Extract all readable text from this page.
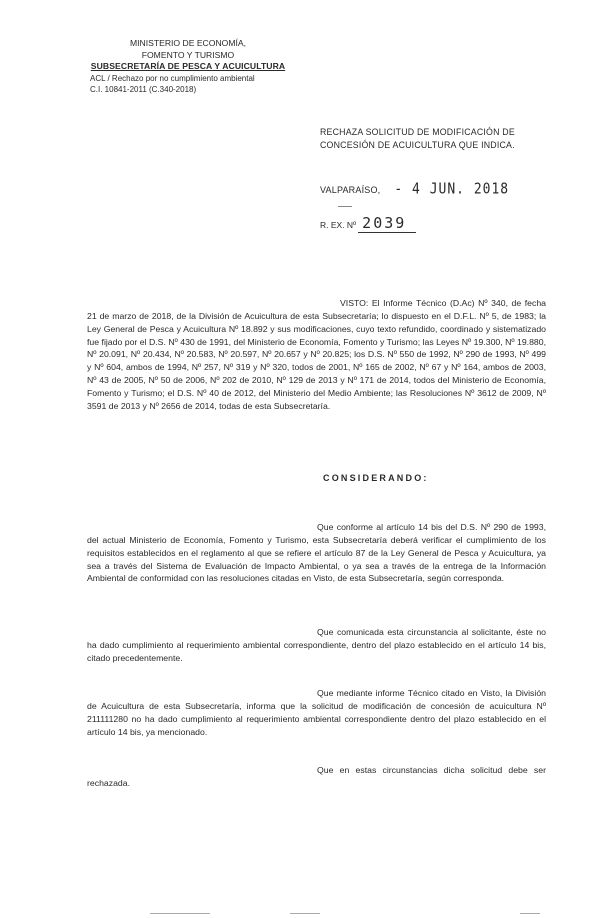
MINISTERIO DE ECONOMÍA,
FOMENTO Y TURISMO
SUBSECRETARÍA DE PESCA Y ACUICULTURA
ACL / Rechazo por no cumplimiento ambiental
C.I. 10841-2011 (C.340-2018)
RECHAZA SOLICITUD DE MODIFICACIÓN DE CONCESIÓN DE ACUICULTURA QUE INDICA.
VALPARAÍSO, - 4 JUN. 2018
R. EX. Nº 2039
VISTO: El Informe Técnico (D.Ac) Nº 340, de fecha 21 de marzo de 2018, de la División de Acuicultura de esta Subsecretaría; lo dispuesto en el D.F.L. Nº 5, de 1983; la Ley General de Pesca y Acuicultura Nº 18.892 y sus modificaciones, cuyo texto refundido, coordinado y sistematizado fue fijado por el D.S. Nº 430 de 1991, del Ministerio de Economía, Fomento y Turismo; las Leyes Nº 19.300, Nº 19.880, Nº 20.091, Nº 20.434, Nº 20.583, Nº 20.597, Nº 20.657 y Nº 20.825; los D.S. Nº 550 de 1992, Nº 290 de 1993, Nº 499 y Nº 604, ambos de 1994, Nº 257, Nº 319 y Nº 320, todos de 2001, Nº 165 de 2002, Nº 67 y Nº 164, ambos de 2003, Nº 43 de 2005, Nº 50 de 2006, Nº 202 de 2010, Nº 129 de 2013 y Nº 171 de 2014, todos del Ministerio de Economía, Fomento y Turismo; el D.S. Nº 40 de 2012, del Ministerio del Medio Ambiente; las Resoluciones Nº 3612 de 2009, Nº 3591 de 2013 y Nº 2656 de 2014, todas de esta Subsecretaría.
CONSIDERANDO:
Que conforme al artículo 14 bis del D.S. Nº 290 de 1993, del actual Ministerio de Economía, Fomento y Turismo, esta Subsecretaría deberá verificar el cumplimiento de los requisitos establecidos en el reglamento al que se refiere el artículo 87 de la Ley General de Pesca y Acuicultura, ya sea a través del Sistema de Evaluación de Impacto Ambiental, o ya sea a través de la entrega de la Información Ambiental de conformidad con las resoluciones citadas en Visto, de esta Subsecretaría, según corresponda.
Que comunicada esta circunstancia al solicitante, éste no ha dado cumplimiento al requerimiento ambiental correspondiente, dentro del plazo establecido en el artículo 14 bis, citado precedentemente.
Que mediante informe Técnico citado en Visto, la División de Acuicultura de esta Subsecretaría, informa que la solicitud de modificación de concesión de acuicultura Nº 211111280 no ha dado cumplimiento al requerimiento ambiental correspondiente dentro del plazo establecido en el artículo 14 bis, ya mencionado.
Que en estas circunstancias dicha solicitud debe ser rechazada.
